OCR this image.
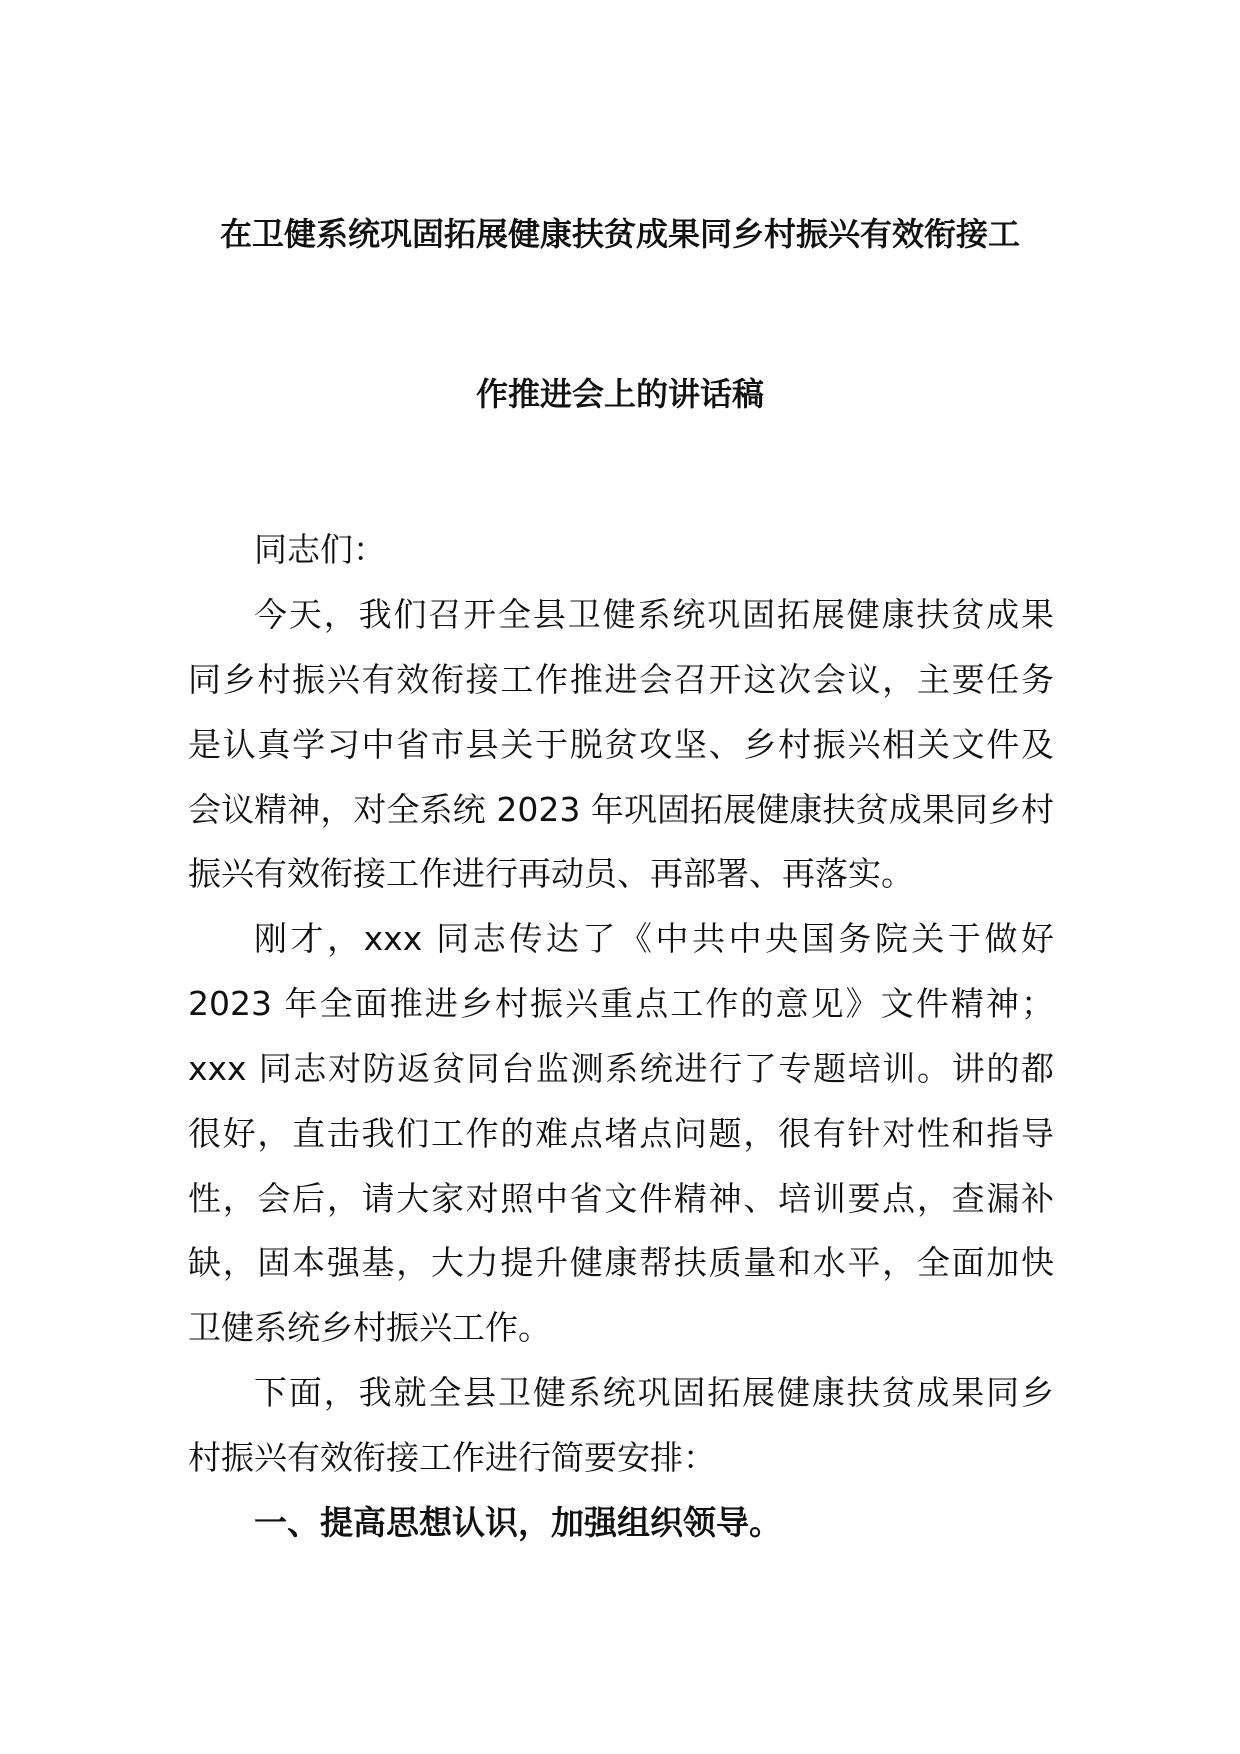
在卫健系统巩固拓展健康扶贫成果同乡村振兴有效衔接工
作推进会上的讲话稿
同志们：
今天，我们召开全县卫健系统巩固拓展健康扶贫成果
同乡村振兴有效衔接工作推进会召开这次会议，主要任务
是认真学习中省市县关于脱贫攻坚、乡村振兴相关文件及
会议精神，对全系统 2023 年巩固拓展健康扶贫成果同乡村
振兴有效衔接工作进行再动员、再部署、再落实。
刚才，xxx 同志传达了《中共中央国务院关于做好
2023 年全面推进乡村振兴重点工作的意见》文件精神；
xxx 同志对防返贫同台监测系统进行了专题培训。讲的都
很好，直击我们工作的难点堵点问题，很有针对性和指导
性，会后，请大家对照中省文件精神、培训要点，查漏补
缺，固本强基，大力提升健康帮扶质量和水平，全面加快
卫健系统乡村振兴工作。
下面，我就全县卫健系统巩固拓展健康扶贫成果同乡
村振兴有效衔接工作进行简要安排：
一、提高思想认识，加强组织领导。
